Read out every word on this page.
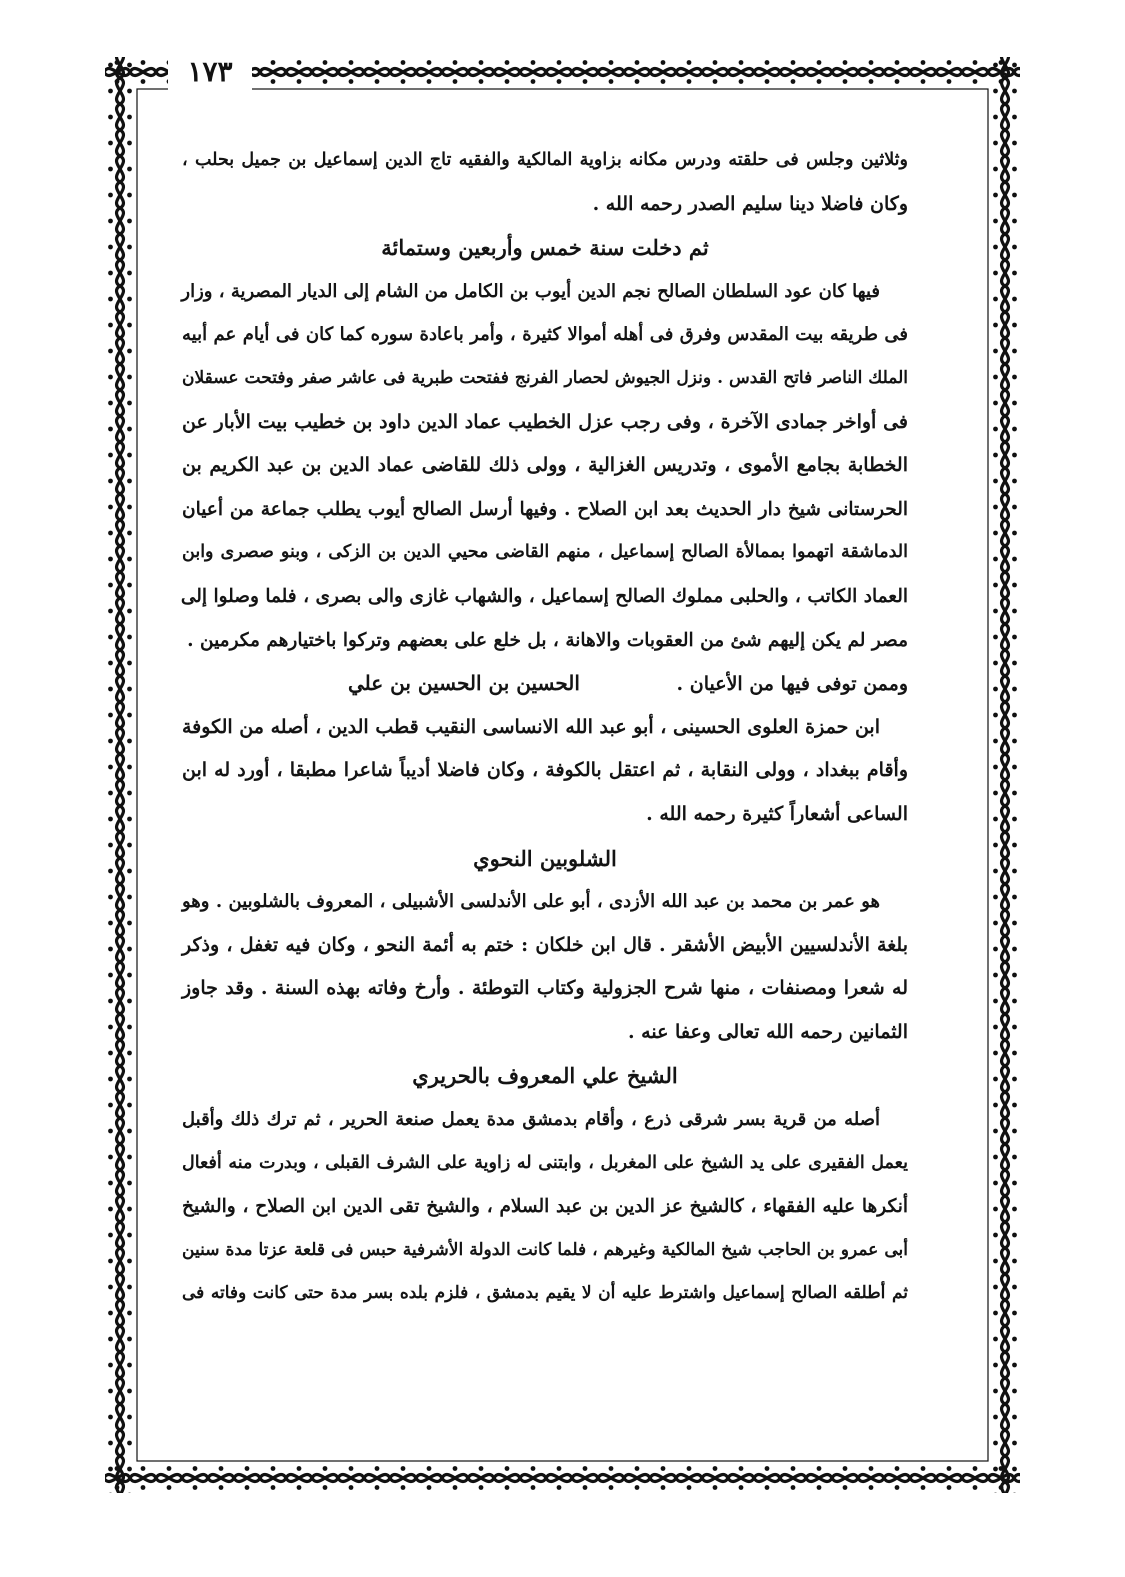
١٧٣
وثلاثين وجلس فى حلقته ودرس مكانه بزاوية المالكية والفقيه تاج الدين إسماعيل بن جميل بحلب ،
وكان فاضلا دينا سليم الصدر رحمه الله .
ثم دخلت سنة خمس وأربعين وستمائة
فيها كان عود السلطان الصالح نجم الدين أيوب بن الكامل من الشام إلى الديار المصرية ، وزار
فى طريقه بيت المقدس وفرق فى أهله أموالا كثيرة ، وأمر باعادة سوره كما كان فى أيام عم أبيه
الملك الناصر فاتح القدس . ونزل الجيوش لحصار الفرنج ففتحت طبرية فى عاشر صفر وفتحت عسقلان
فى أواخر جمادى الآخرة ، وفى رجب عزل الخطيب عماد الدين داود بن خطيب بيت الأبار عن
الخطابة بجامع الأموى ، وتدريس الغزالية ، وولى ذلك للقاضى عماد الدين بن عبد الكريم بن
الحرستانى شيخ دار الحديث بعد ابن الصلاح . وفيها أرسل الصالح أيوب يطلب جماعة من أعيان
الدماشقة اتهموا بممالأة الصالح إسماعيل ، منهم القاضى محيي الدين بن الزكى ، وبنو صصرى وابن
العماد الكاتب ، والحلبى مملوك الصالح إسماعيل ، والشهاب غازى والى بصرى ، فلما وصلوا إلى
مصر لم يكن إليهم شئ من العقوبات والاهانة ، بل خلع على بعضهم وتركوا باختيارهم مكرمين .
وممن توفى فيها من الأعيان . الحسين بن الحسين بن علي
ابن حمزة العلوى الحسينى ، أبو عبد الله الانساسى النقيب قطب الدين ، أصله من الكوفة
وأقام ببغداد ، وولى النقابة ، ثم اعتقل بالكوفة ، وكان فاضلا أديباً شاعرا مطبقا ، أورد له ابن
الساعى أشعاراً كثيرة رحمه الله .
الشلوبين النحوي
هو عمر بن محمد بن عبد الله الأزدى ، أبو على الأندلسى الأشبيلى ، المعروف بالشلوبين . وهو
بلغة الأندلسيين الأبيض الأشقر . قال ابن خلكان : ختم به أئمة النحو ، وكان فيه تغفل ، وذكر
له شعرا ومصنفات ، منها شرح الجزولية وكتاب التوطئة . وأرخ وفاته بهذه السنة . وقد جاوز
الثمانين رحمه الله تعالى وعفا عنه .
الشيخ علي المعروف بالحريري
أصله من قرية بسر شرقى ذرع ، وأقام بدمشق مدة يعمل صنعة الحرير ، ثم ترك ذلك وأقبل
يعمل الفقيرى على يد الشيخ على المغربل ، وابتنى له زاوية على الشرف القبلى ، وبدرت منه أفعال
أنكرها عليه الفقهاء ، كالشيخ عز الدين بن عبد السلام ، والشيخ تقى الدين ابن الصلاح ، والشيخ
أبى عمرو بن الحاجب شيخ المالكية وغيرهم ، فلما كانت الدولة الأشرفية حبس فى قلعة عزتا مدة سنين
ثم أطلقه الصالح إسماعيل واشترط عليه أن لا يقيم بدمشق ، فلزم بلده بسر مدة حتى كانت وفاته فى
